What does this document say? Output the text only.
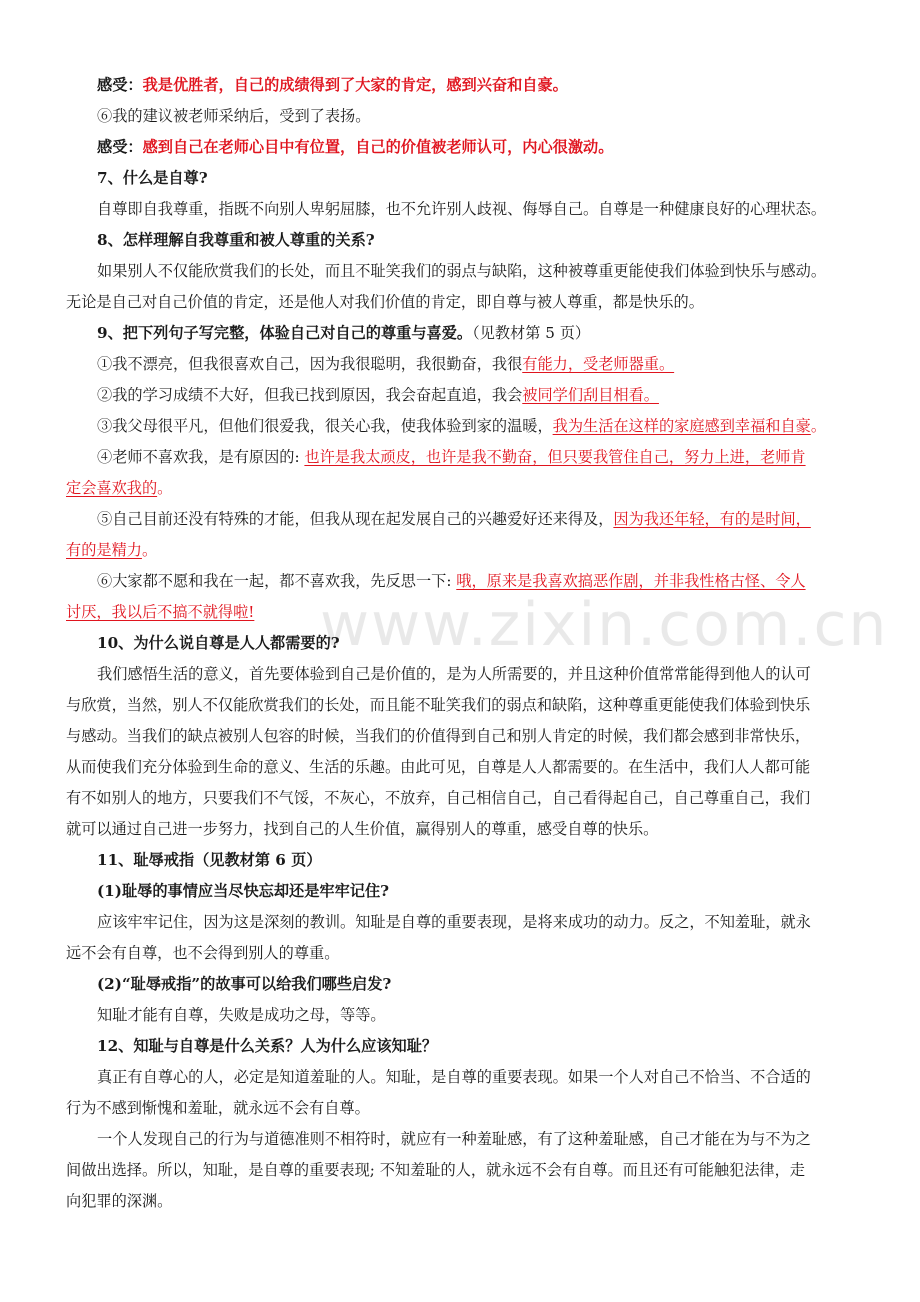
www.zixin.com.cn
感受：我是优胜者，自己的成绩得到了大家的肯定，感到兴奋和自豪。
⑥我的建议被老师采纳后，受到了表扬。
感受：感到自己在老师心目中有位置，自己的价值被老师认可，内心很激动。
7、什么是自尊?
自尊即自我尊重，指既不向别人卑躬屈膝，也不允许别人歧视、侮辱自己。自尊是一种健康良好的心理状态。
8、怎样理解自我尊重和被人尊重的关系?
如果别人不仅能欣赏我们的长处，而且不耻笑我们的弱点与缺陷，这种被尊重更能使我们体验到快乐与感动。
无论是自己对自己价值的肯定，还是他人对我们价值的肯定，即自尊与被人尊重，都是快乐的。
9、把下列句子写完整，体验自己对自己的尊重与喜爱。（见教材第 5 页）
①我不漂亮，但我很喜欢自己，因为我很聪明，我很勤奋，我很有能力，受老师器重。
②我的学习成绩不大好，但我已找到原因，我会奋起直追，我会被同学们刮目相看。
③我父母很平凡，但他们很爱我，很关心我，使我体验到家的温暖，我为生活在这样的家庭感到幸福和自豪。
④老师不喜欢我，是有原因的: 也许是我太顽皮，也许是我不勤奋，但只要我管住自己，努力上进，老师肯
定会喜欢我的。
⑤自己目前还没有特殊的才能，但我从现在起发展自己的兴趣爱好还来得及，因为我还年轻，有的是时间，
有的是精力。
⑥大家都不愿和我在一起，都不喜欢我，先反思一下: 哦，原来是我喜欢搞恶作剧，并非我性格古怪、令人
讨厌，我以后不搞不就得啦!
10、为什么说自尊是人人都需要的?
我们感悟生活的意义，首先要体验到自己是价值的，是为人所需要的，并且这种价值常常能得到他人的认可
与欣赏，当然，别人不仅能欣赏我们的长处，而且能不耻笑我们的弱点和缺陷，这种尊重更能使我们体验到快乐
与感动。当我们的缺点被别人包容的时候，当我们的价值得到自己和别人肯定的时候，我们都会感到非常快乐，
从而使我们充分体验到生命的意义、生活的乐趣。由此可见，自尊是人人都需要的。在生活中，我们人人都可能
有不如别人的地方，只要我们不气馁，不灰心，不放弃，自己相信自己，自己看得起自己，自己尊重自己，我们
就可以通过自己进一步努力，找到自己的人生价值，赢得别人的尊重，感受自尊的快乐。
11、耻辱戒指（见教材第 6 页）
(1)耻辱的事情应当尽快忘却还是牢牢记住?
应该牢牢记住，因为这是深刻的教训。知耻是自尊的重要表现，是将来成功的动力。反之，不知羞耻，就永
远不会有自尊，也不会得到别人的尊重。
(2)“耻辱戒指”的故事可以给我们哪些启发?
知耻才能有自尊，失败是成功之母，等等。
12、知耻与自尊是什么关系？人为什么应该知耻？
真正有自尊心的人，必定是知道羞耻的人。知耻，是自尊的重要表现。如果一个人对自己不恰当、不合适的
行为不感到惭愧和羞耻，就永远不会有自尊。
一个人发现自己的行为与道德准则不相符时，就应有一种羞耻感，有了这种羞耻感，自己才能在为与不为之
间做出选择。所以，知耻，是自尊的重要表现; 不知羞耻的人，就永远不会有自尊。而且还有可能触犯法律，走
向犯罪的深渊。
